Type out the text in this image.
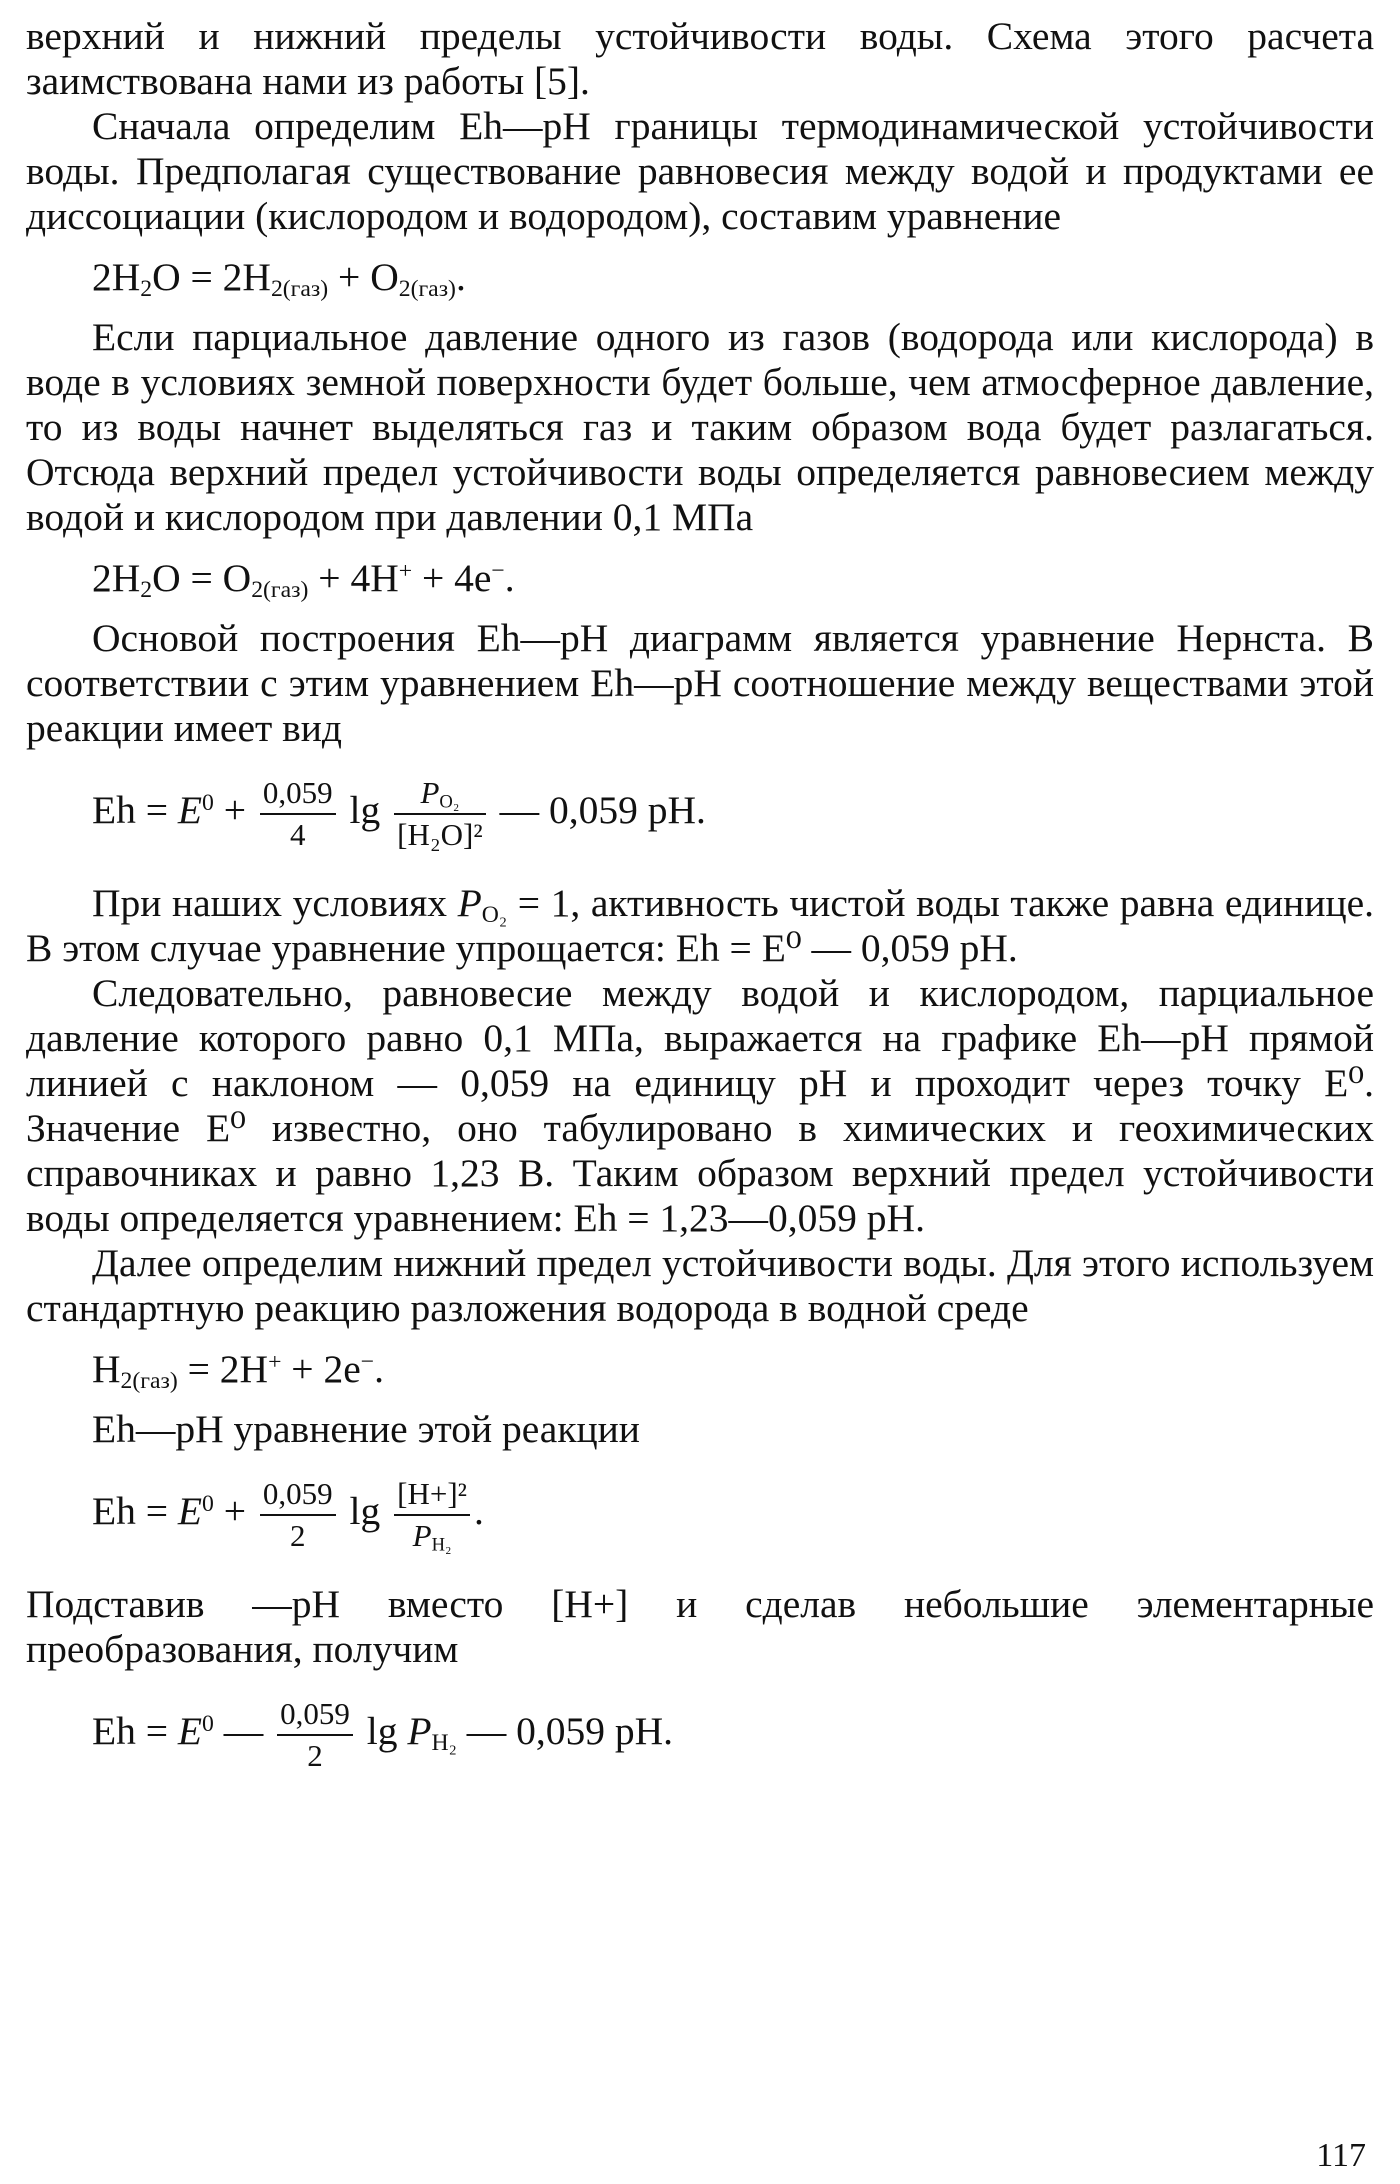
верхний и нижний пределы устойчивости воды. Схема этого расчета заимствована нами из работы [5].

Сначала определим Eh—pH границы термодинамической устойчивости воды. Предполагая существование равновесия между водой и продуктами ее диссоциации (кислородом и водородом), составим уравнение

$2H_2O = 2H_{2(газ)} + O_{2(газ)}$.

Если парциальное давление одного из газов (водорода или кислорода) в воде в условиях земной поверхности будет больше, чем атмосферное давление, то из воды начнет выделяться газ и таким образом вода будет разлагаться. Отсюда верхний предел устойчивости воды определяется равновесием между водой и кислородом при давлении 0,1 МПа

$2H_2O = O_{2(газ)} + 4H^+ + 4e^-$.

Основой построения Eh—pH диаграмм является уравнение Нернста. В соответствии с этим уравнением Eh—pH соотношение между веществами этой реакции имеет вид

$Eh = E^0 + \frac{0,059}{4}$ $\lg \frac{P_{O_2}}{\text{[H₂O]²}}$ — 0,059 pH.

При наших условиях $P_{O_2} = 1$, активность чистой воды также равна единице. В этом случае уравнение упрощается: Eh = E⁰ — 0,059 pH.

Следовательно, равновесие между водой и кислородом, парциальное давление которого равно 0,1 МПа, выражается на графике Eh—pH прямой линией с наклоном — 0,059 на единицу pH и проходит через точку E⁰. Значение E⁰ известно, оно табулировано в химических и геохимических справочниках и равно 1,23 В. Таким образом верхний предел устойчивости воды определяется уравнением: Eh = 1,23—0,059 pH.

Далее определим нижний предел устойчивости воды. Для этого используем стандартную реакцию разложения водорода в водной среде

$H_{2(газ)} = 2H^+ + 2e^-$.

Eh—pH уравнение этой реакции

$Eh = E^0 + \frac{0,059}{2}$ $\lg \frac{\text{[H+]²}}{P_{H_2}}$ .

Подставив —pH вместо [H+] и сделав небольшие элементарные преобразования, получим

$Eh = E^0$ — $\frac{0,059}{2}$ $\lg P_{H_2}$ — 0,059 pH.
117
